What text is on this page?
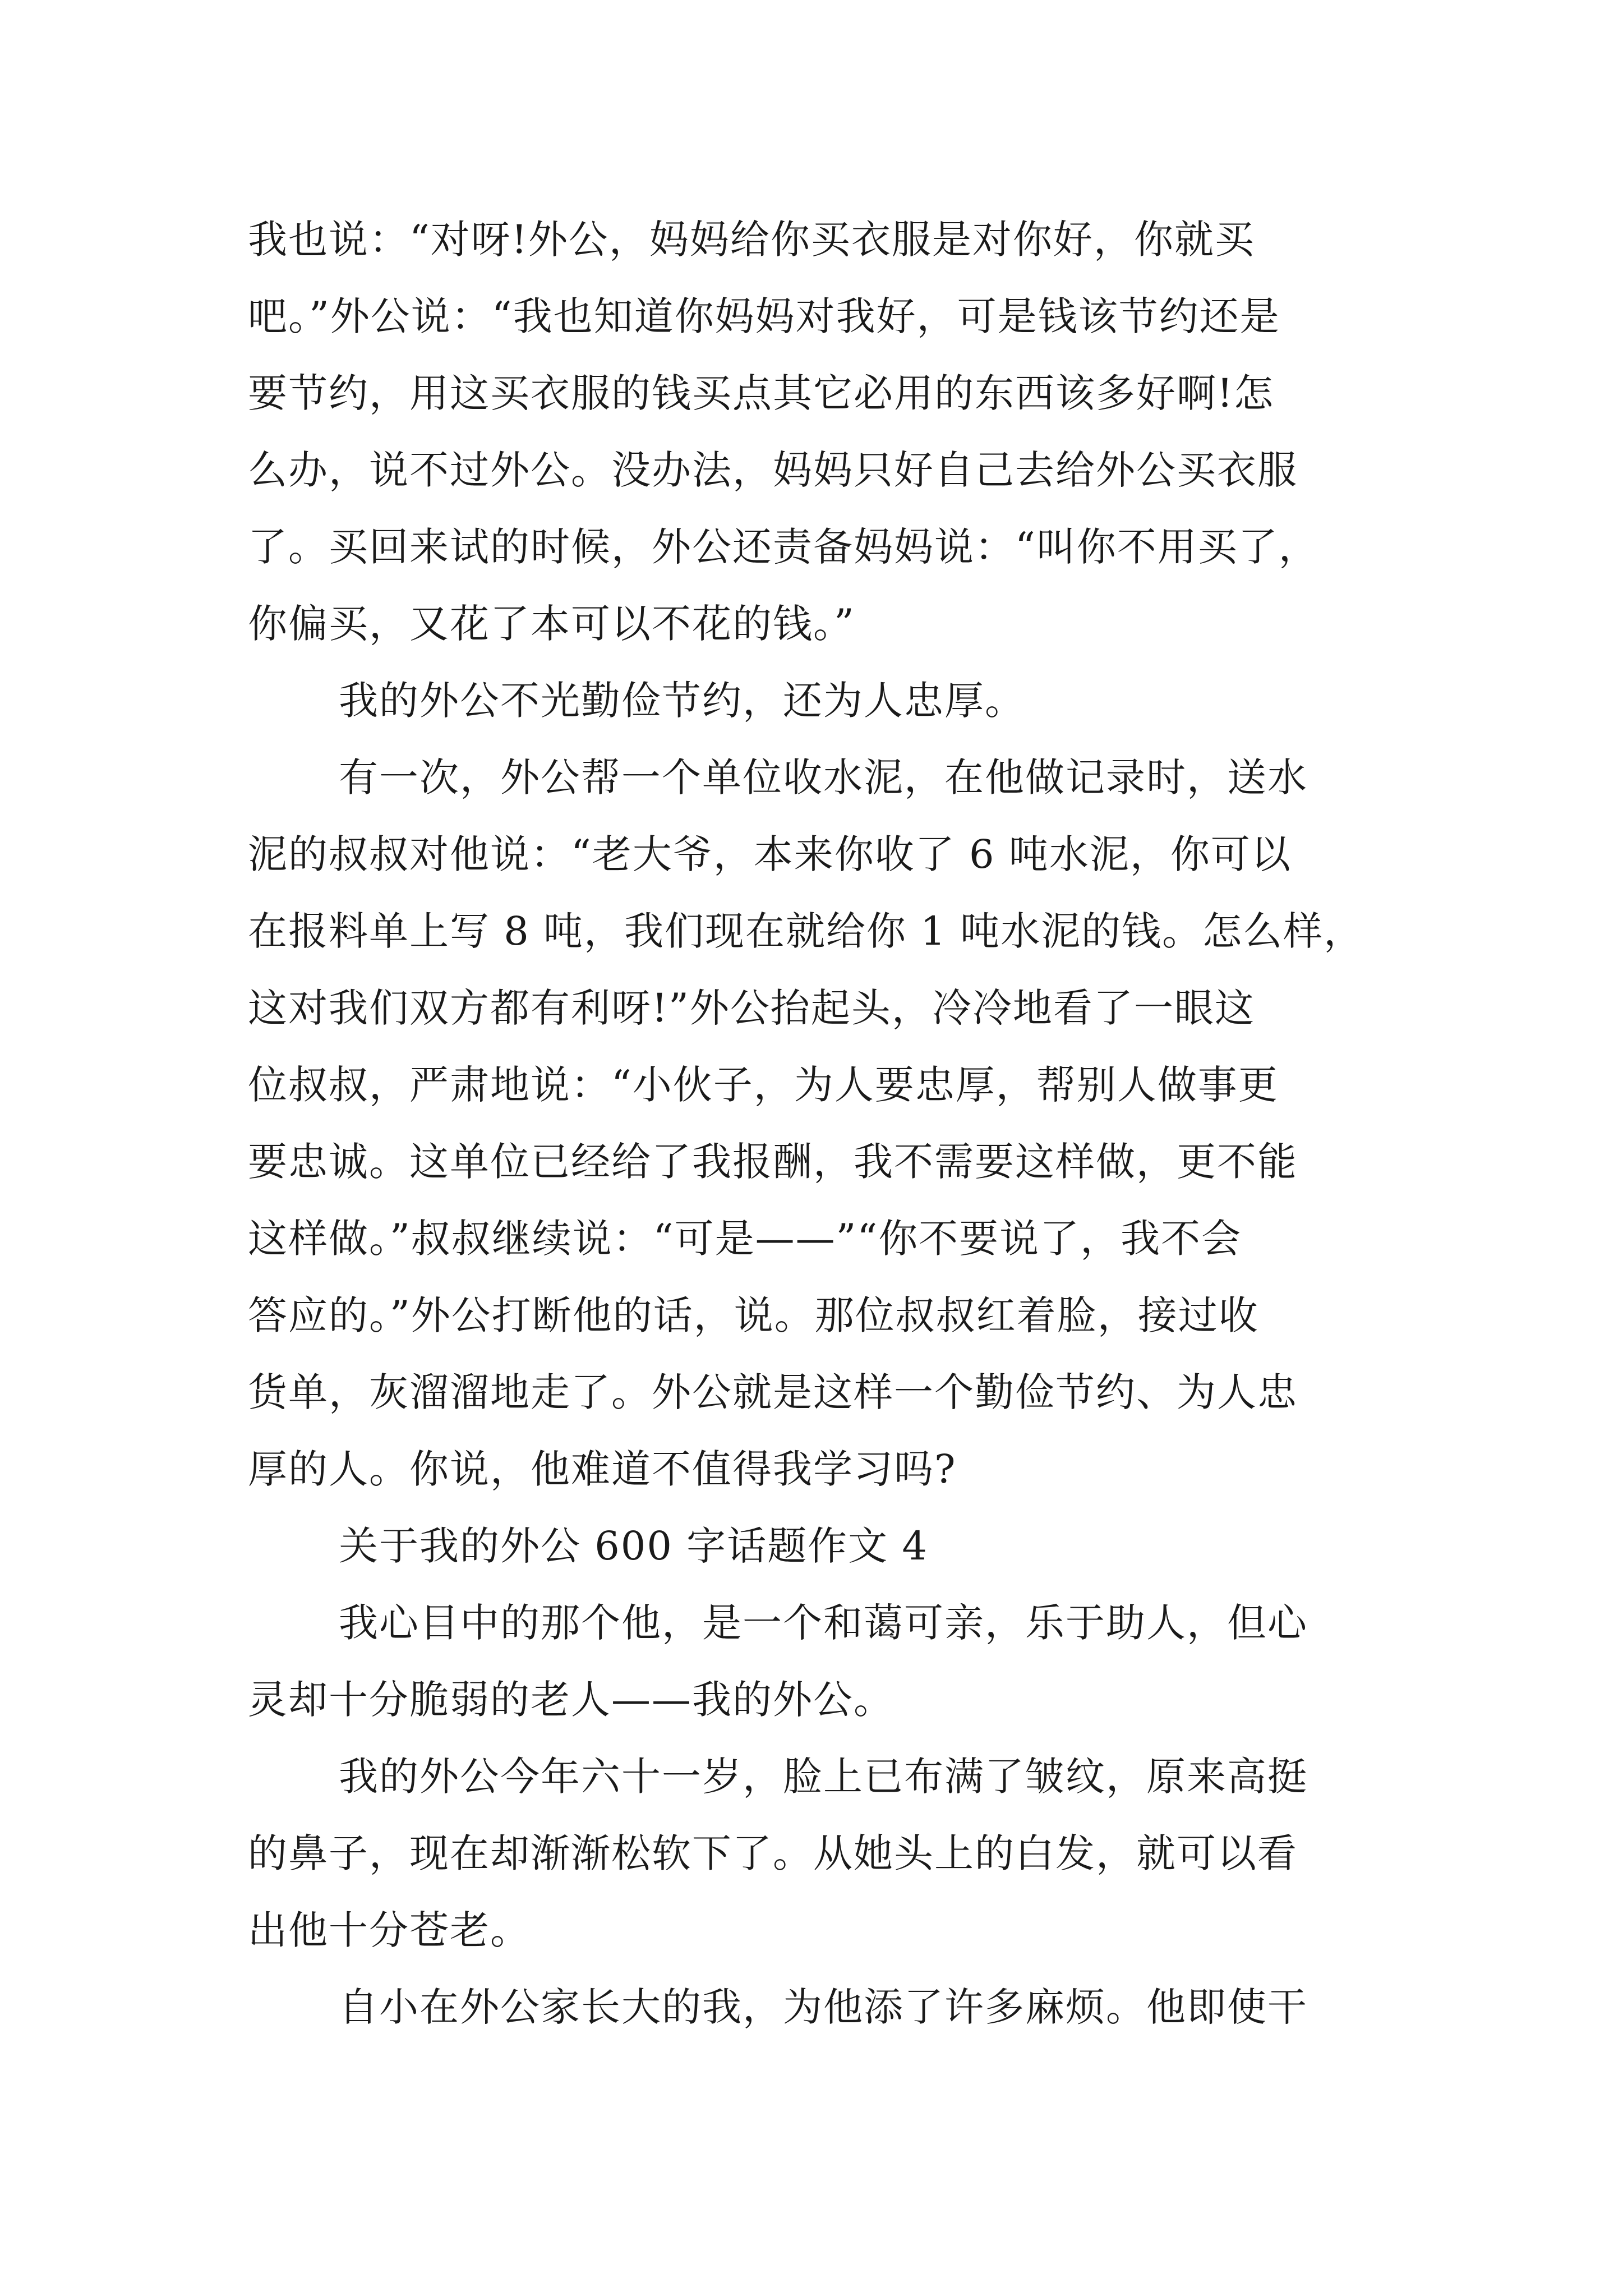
我也说：“对呀!外公，妈妈给你买衣服是对你好，你就买
吧。”外公说：“我也知道你妈妈对我好，可是钱该节约还是
要节约，用这买衣服的钱买点其它必用的东西该多好啊!怎
么办，说不过外公。没办法，妈妈只好自己去给外公买衣服
了。买回来试的时候，外公还责备妈妈说：“叫你不用买了，
你偏买，又花了本可以不花的钱。”
我的外公不光勤俭节约，还为人忠厚。
有一次，外公帮一个单位收水泥，在他做记录时，送水
泥的叔叔对他说：“老大爷，本来你收了 6 吨水泥，你可以
在报料单上写 8 吨，我们现在就给你 1 吨水泥的钱。怎么样，
这对我们双方都有利呀!”外公抬起头，冷冷地看了一眼这
位叔叔，严肃地说：“小伙子，为人要忠厚，帮别人做事更
要忠诚。这单位已经给了我报酬，我不需要这样做，更不能
这样做。”叔叔继续说：“可是——”“你不要说了，我不会
答应的。”外公打断他的话，说。那位叔叔红着脸，接过收
货单，灰溜溜地走了。外公就是这样一个勤俭节约、为人忠
厚的人。你说，他难道不值得我学习吗?
关于我的外公 600 字话题作文 4
我心目中的那个他，是一个和蔼可亲，乐于助人，但心
灵却十分脆弱的老人——我的外公。
我的外公今年六十一岁，脸上已布满了皱纹，原来高挺
的鼻子，现在却渐渐松软下了。从她头上的白发，就可以看
出他十分苍老。
自小在外公家长大的我，为他添了许多麻烦。他即使干
